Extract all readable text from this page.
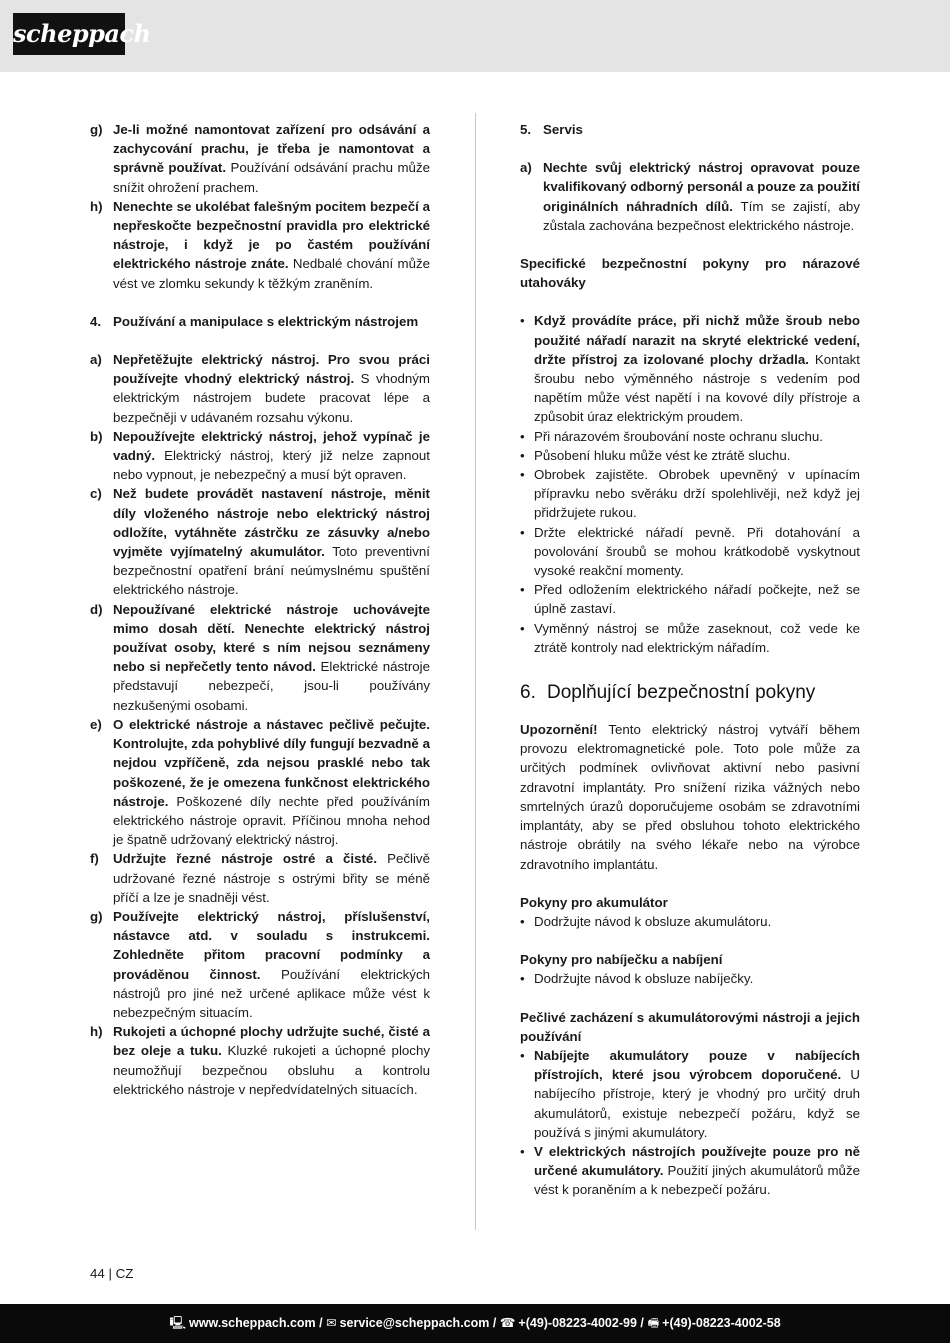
scheppach
g) Je-li možné namontovat zařízení pro odsávání a zachycování prachu, je třeba je namontovat a správně používat. Používání odsávání prachu může snížit ohrožení prachem.
h) Nenechte se ukolébat falešným pocitem bezpečí a nepřeskočte bezpečnostní pravidla pro elektrické nástroje, i když je po častém používání elektrického nástroje znáte. Nedbalé chování může vést ve zlomku sekundy k těžkým zraněním.
4. Používání a manipulace s elektrickým nástrojem
a) Nepřetěžujte elektrický nástroj. Pro svou práci používejte vhodný elektrický nástroj. S vhodným elektrickým nástrojem budete pracovat lépe a bezpečněji v udávaném rozsahu výkonu.
b) Nepoužívejte elektrický nástroj, jehož vypínač je vadný. Elektrický nástroj, který již nelze zapnout nebo vypnout, je nebezpečný a musí být opraven.
c) Než budete provádět nastavení nástroje, měnit díly vloženého nástroje nebo elektrický nástroj odložíte, vytáhněte zástrčku ze zásuvky a/nebo vyjměte vyjímatelný akumulátor. Toto preventivní bezpečnostní opatření brání neúmyslnému spuštění elektrického nástroje.
d) Nepoužívané elektrické nástroje uchovávejte mimo dosah dětí. Nenechte elektrický nástroj používat osoby, které s ním nejsou seznámeny nebo si nepřečetly tento návod. Elektrické nástroje představují nebezpečí, jsou-li používány nezkušenými osobami.
e) O elektrické nástroje a nástavec pečlivě pečujte. Kontrolujte, zda pohyblivé díly fungují bezvadně a nejdou vzpříčeně, zda nejsou prasklé nebo tak poškozené, že je omezena funkčnost elektrického nástroje. Poškozené díly nechte před používáním elektrického nástroje opravit. Příčinou mnoha nehod je špatně udržovaný elektrický nástroj.
f)	Udržujte řezné nástroje ostré a čisté. Pečlivě udržované řezné nástroje s ostrými břity se méně příčí a lze je snadněji vést.
g) Používejte elektrický nástroj, příslušenství, nástavce atd. v souladu s instrukcemi. Zohledněte přitom pracovní podmínky a prováděnou činnost. Používání elektrických nástrojů pro jiné než určené aplikace může vést k nebezpečným situacím.
h) Rukojeti a úchopné plochy udržujte suché, čisté a bez oleje a tuku. Kluzké rukojeti a úchopné plochy neumožňují bezpečnou obsluhu a kontrolu elektrického nástroje v nepředvídatelných situacích.
5. Servis
a) Nechte svůj elektrický nástroj opravovat pouze kvalifikovaný odborný personál a pouze za použití originálních náhradních dílů. Tím se zajistí, aby zůstala zachována bezpečnost elektrického nástroje.
Specifické bezpečnostní pokyny pro nárazové utahováky
• Když provádíte práce, při nichž může šroub nebo použité nářadí narazit na skryté elektrické vedení, držte přístroj za izolované plochy držadla. Kontakt šroubu nebo výměnného nástroje s vedením pod napětím může vést napětí i na kovové díly přístroje a způsobit úraz elektrickým proudem.
• Při nárazovém šroubování noste ochranu sluchu.
• Působení hluku může vést ke ztrátě sluchu.
• Obrobek zajistěte. Obrobek upevněný v upínacím přípravku nebo svěráku drží spolehlivěji, než když jej přidržujete rukou.
• Držte elektrické nářadí pevně. Při dotahování a povolování šroubů se mohou krátkodobě vyskytnout vysoké reakční momenty.
• Před odložením elektrického nářadí počkejte, než se úplně zastaví.
• Vyměnný nástroj se může zaseknout, což vede ke ztrátě kontroly nad elektrickým nářadím.
6. Doplňující bezpečnostní pokyny
Upozornění! Tento elektrický nástroj vytváří během provozu elektromagnetické pole. Toto pole může za určitých podmínek ovlivňovat aktivní nebo pasivní zdravotní implantáty. Pro snížení rizika vážných nebo smrtelných úrazů doporučujeme osobám se zdravotními implantáty, aby se před obsluhou tohoto elektrického nástroje obrátily na svého lékaře nebo na výrobce zdravotního implantátu.
Pokyny pro akumulátor
• Dodržujte návod k obsluze akumulátoru.
Pokyny pro nabíječku a nabíjení
• Dodržujte návod k obsluze nabíječky.
Pečlivé zacházení s akumulátorovými nástroji a jejich používání
• Nabíjejte akumulátory pouze v nabíjecích přístrojích, které jsou výrobcem doporučené. U nabíjecího přístroje, který je vhodný pro určitý druh akumulátorů, existuje nebezpečí požáru, když se používá s jinými akumulátory.
• V elektrických nástrojích používejte pouze pro ně určené akumulátory. Použití jiných akumulátorů může vést k poraněním a k nebezpečí požáru.
44 | CZ
🖳 www.scheppach.com / ✉ service@scheppach.com / ☎ +(49)-08223-4002-99 / 🖷 +(49)-08223-4002-58
